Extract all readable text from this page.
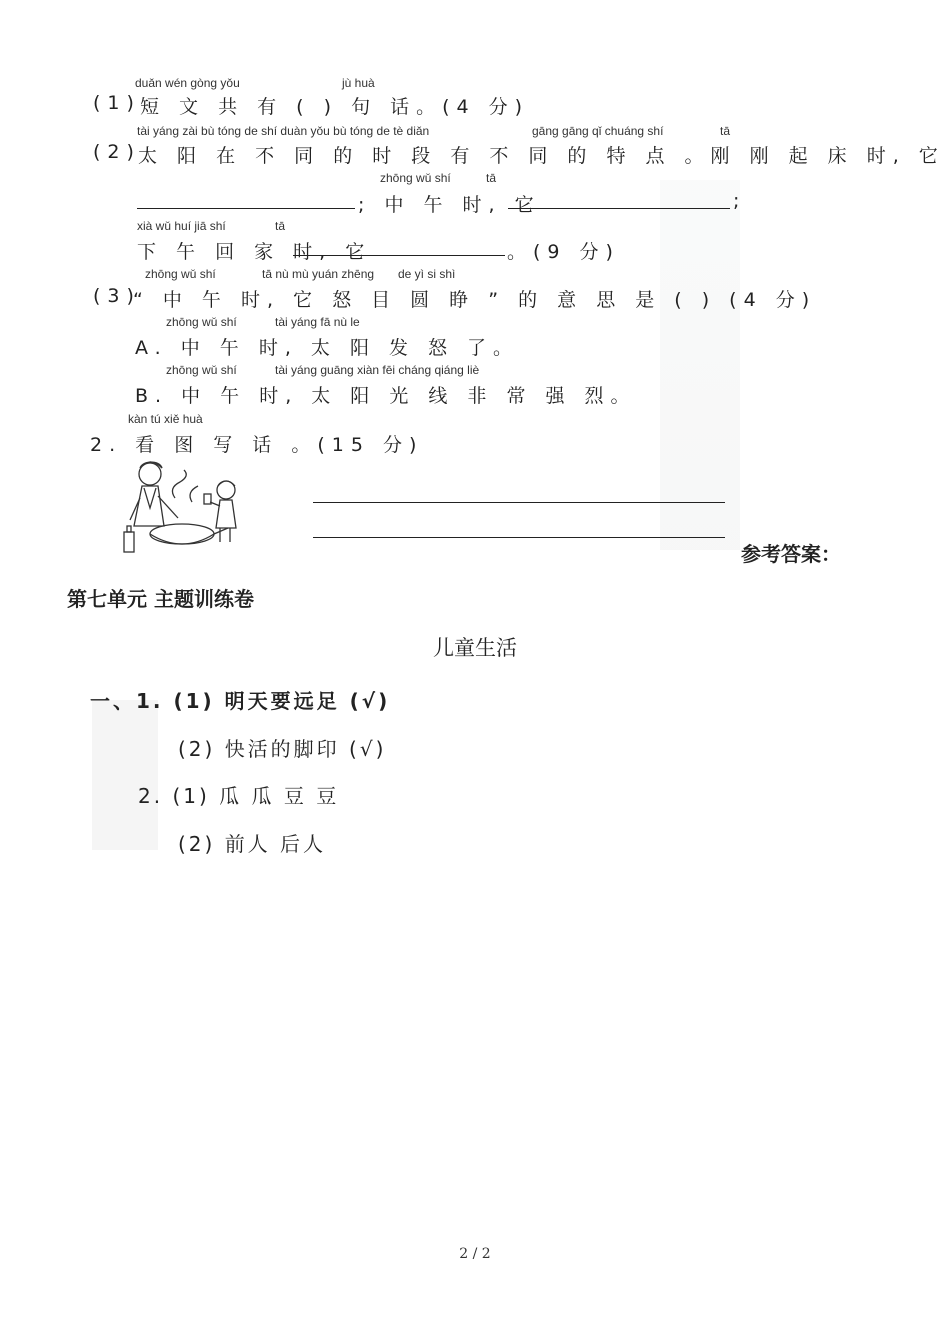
duǎn wén gòng yǒu	jù huà
(1) 短 文 共 有 ( ) 句 话。(4 分)
tài yáng zài bù tóng de shí duàn yǒu bù tóng de tè diǎn	gāng gāng qǐ chuáng shí	tā
(2)
太 阳 在 不 同 的 时 段 有 不 同 的 特 点 。刚 刚 起 床 时, 它
zhōng wǔ shí	tā
; 中 午 时, 它	;
xià wǔ huí jiā shí	tā
下 午 回 家 时, 它	。(9 分)
zhōng wǔ shí	tā nù mù yuán zhēng de yì si shì
(3)
“ 中 午 时, 它 怒 目 圆 睁 ” 的 意 思 是 ( ) (4 分)
zhōng wǔ shí	tài yáng fā nù le
A. 中 午 时, 太 阳 发 怒 了。
zhōng wǔ shí	tài yáng guāng xiàn fēi cháng qiáng liè
B. 中 午 时, 太 阳 光 线 非 常 强 烈。
kàn tú xiě huà
2. 看 图 写 话 。(15 分)
参考答案：
第七单元 主题训练卷
儿童生活
一、1. (1) 明天要远足 (√)
(2) 快活的脚印 (√)
2. (1) 瓜 瓜 豆 豆
(2) 前人 后人
2 / 2
